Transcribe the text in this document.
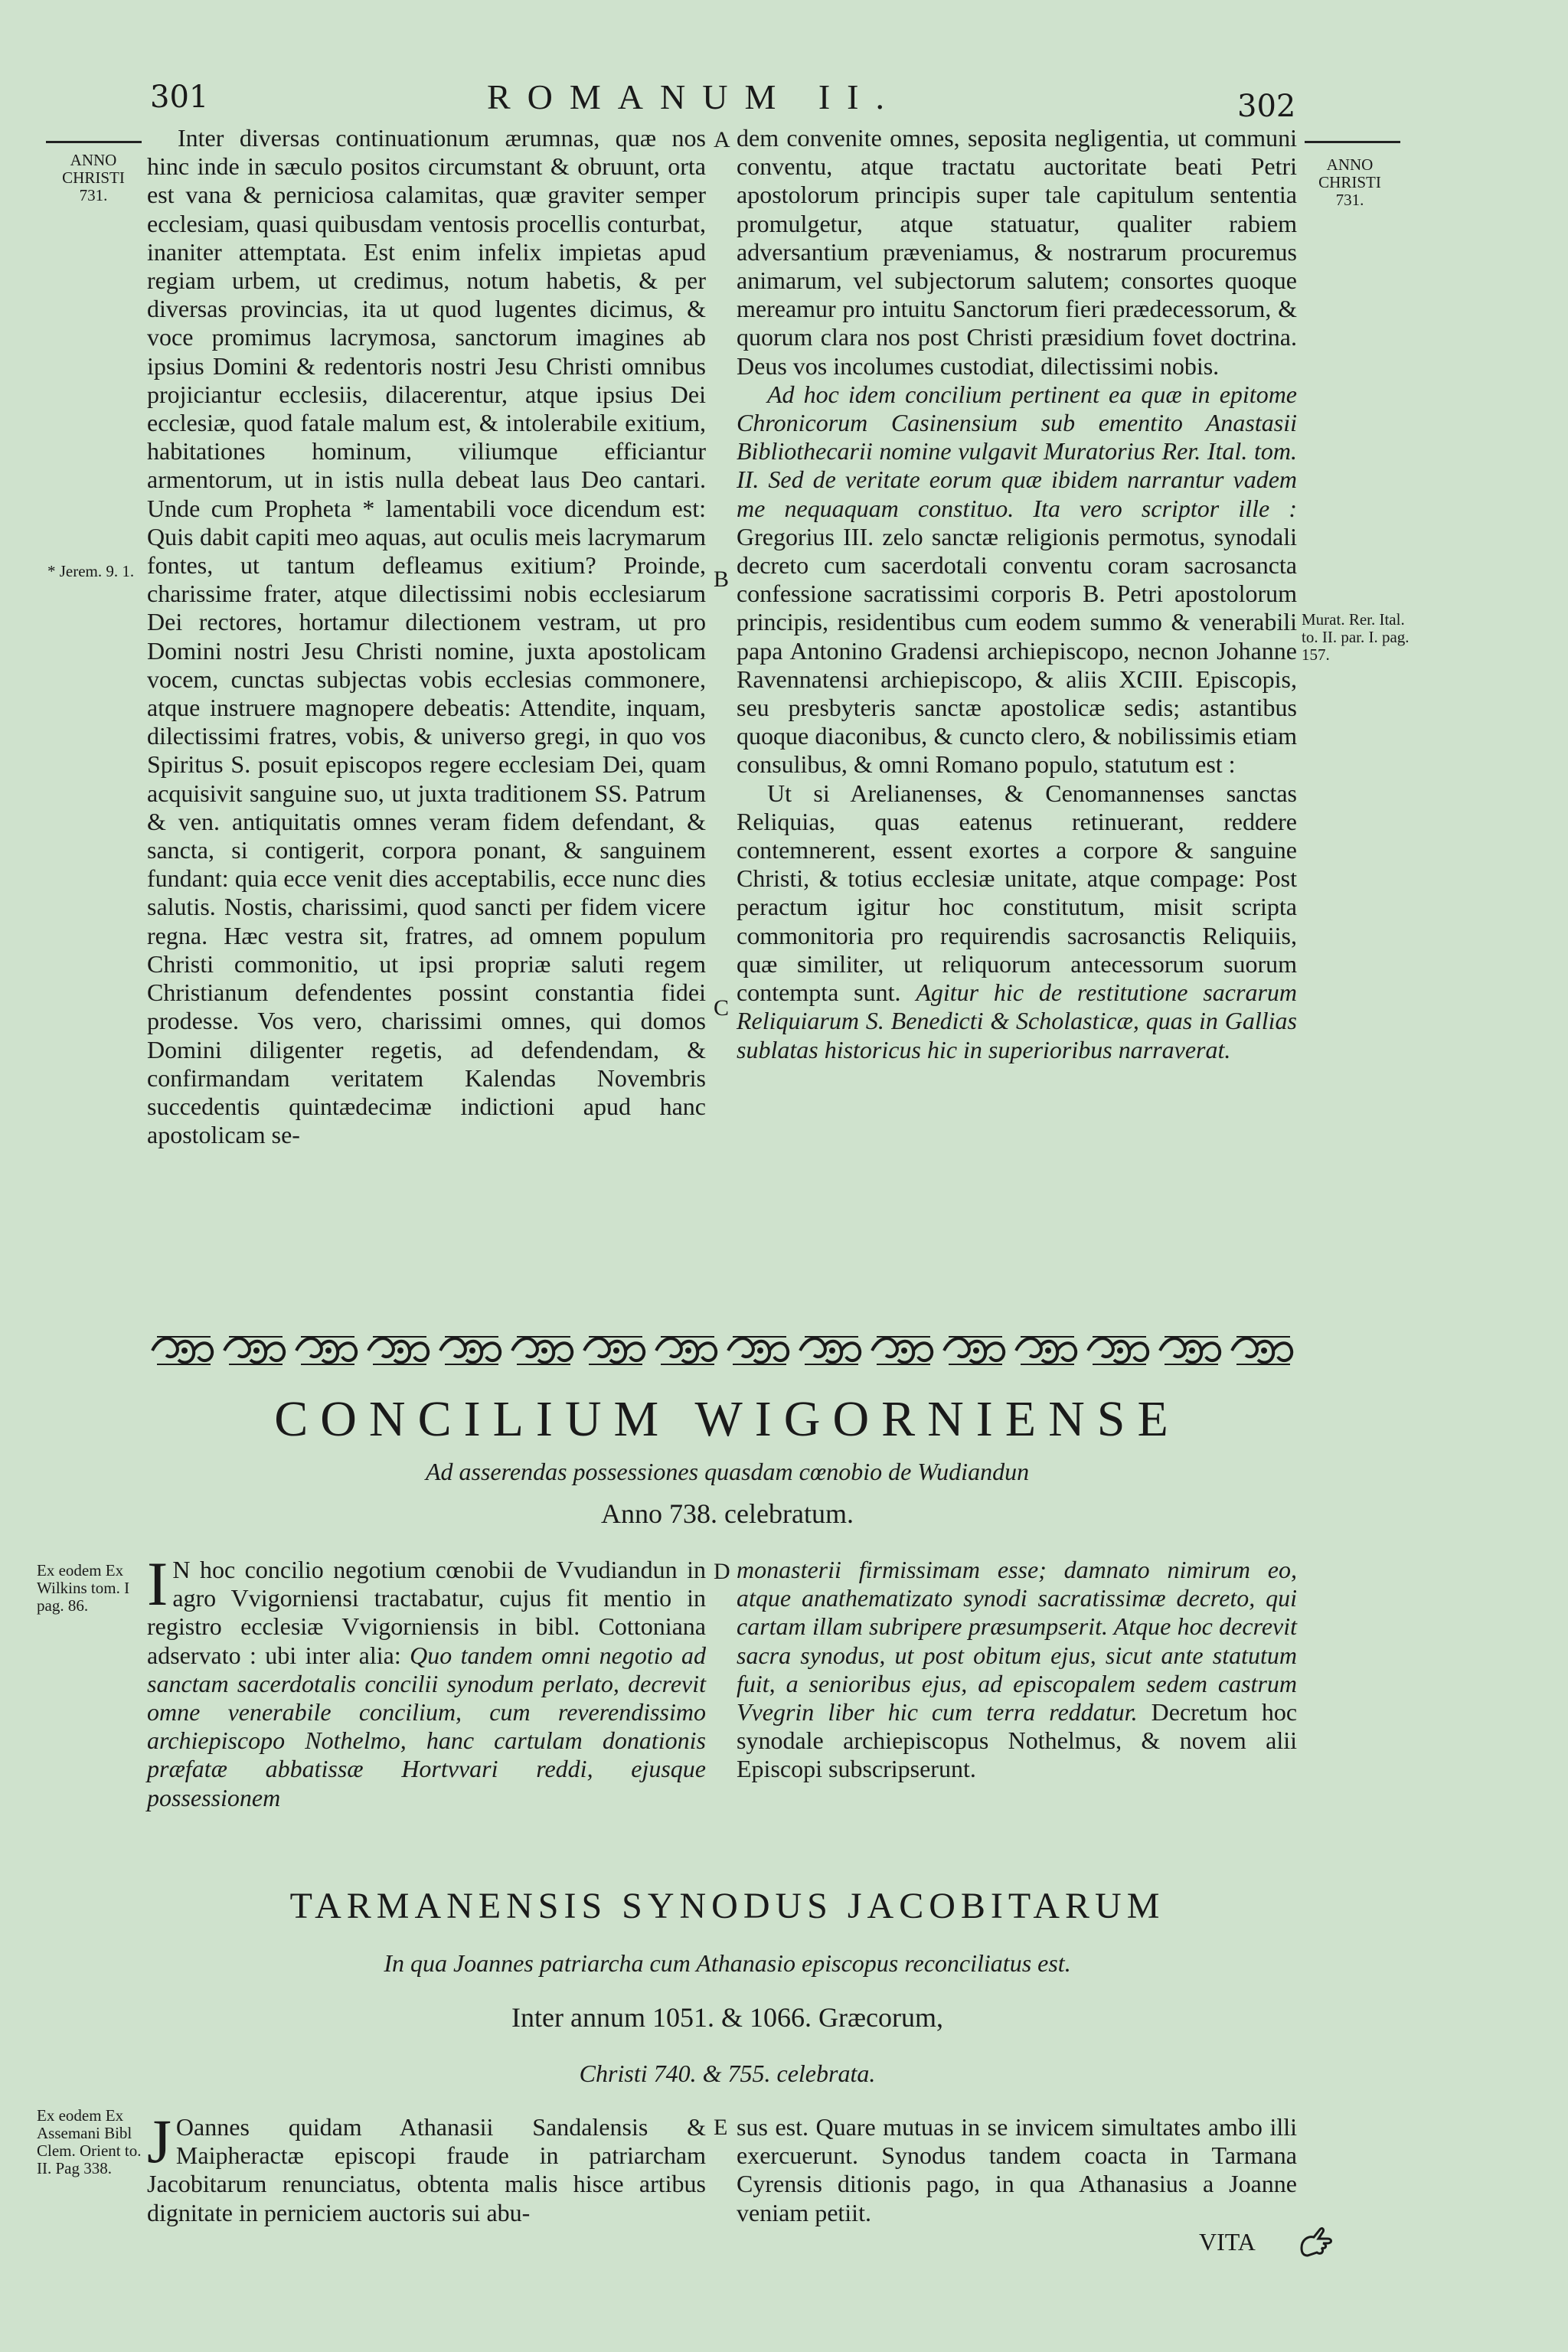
301	ROMANUM II.	302
ANNO CHRISTI 731.
ANNO CHRISTI 731.
* Jerem. 9. 1.
Murat. Rer. Ital. to. II. par. I. pag. 157.
Ex eodem Ex Wilkins tom. I pag. 86.
Ex eodem Ex Assemani Bibl Clem. Orient to. II. Pag 338.
A
B
C
D
E

Inter diversas continuationum ærumnas, quæ nos hinc inde in sæculo positos circumstant & obruunt, orta est vana & perniciosa calamitas, quæ graviter semper ecclesiam, quasi quibusdam ventosis procellis conturbat, inaniter attemptata. Est enim infelix impietas apud regiam urbem, ut credimus, notum habetis, & per diversas provincias, ita ut quod lugentes dicimus, & voce promimus lacrymosa, sanctorum imagines ab ipsius Domini & redentoris nostri Jesu Christi omnibus projiciantur ecclesiis, dilacerentur, atque ipsius Dei ecclesiæ, quod fatale malum est, & intolerabile exitium, habitationes hominum, viliumque efficiantur armentorum, ut in istis nulla debeat laus Deo cantari. Unde cum Propheta * lamentabili voce dicendum est: Quis dabit capiti meo aquas, aut oculis meis lacrymarum fontes, ut tantum defleamus exitium? Proinde, charissime frater, atque dilectissimi nobis ecclesiarum Dei rectores, hortamur dilectionem vestram, ut pro Domini nostri Jesu Christi nomine, juxta apostolicam vocem, cunctas subjectas vobis ecclesias commonere, atque instruere magnopere debeatis: Attendite, inquam, dilectissimi fratres, vobis, & universo gregi, in quo vos Spiritus S. posuit episcopos regere ecclesiam Dei, quam acquisivit sanguine suo, ut juxta traditionem SS. Patrum & ven. antiquitatis omnes veram fidem defendant, & sancta, si contigerit, corpora ponant, & sanguinem fundant: quia ecce venit dies acceptabilis, ecce nunc dies salutis. Nostis, charissimi, quod sancti per fidem vicere regna. Hæc vestra sit, fratres, ad omnem populum Christi commonitio, ut ipsi propriæ saluti regem Christianum defendentes possint constantia fidei prodesse. Vos vero, charissimi omnes, qui domos Domini diligenter regetis, ad defendendam, & confirmandam veritatem Kalendas Novembris succedentis quintædecimæ indictioni apud hanc apostolicam se-

dem convenite omnes, seposita negligentia, ut communi conventu, atque tractatu auctoritate beati Petri apostolorum principis super tale capitulum sententia promulgetur, atque statuatur, qualiter rabiem adversantium præveniamus, & nostrarum procuremus animarum, vel subjectorum salutem; consortes quoque mereamur pro intuitu Sanctorum fieri prædecessorum, & quorum clara nos post Christi præsidium fovet doctrina. Deus vos incolumes custodiat, dilectissimi nobis.

Ad hoc idem concilium pertinent ea quæ in epitome Chronicorum Casinensium sub ementito Anastasii Bibliothecarii nomine vulgavit Muratorius Rer. Ital. tom. II. Sed de veritate eorum quæ ibidem narrantur vadem me nequaquam constituo. Ita vero scriptor ille : Gregorius III. zelo sanctæ religionis permotus, synodali decreto cum sacerdotali conventu coram sacrosancta confessione sacratissimi corporis B. Petri apostolorum principis, residentibus cum eodem summo & venerabili papa Antonino Gradensi archiepiscopo, necnon Johanne Ravennatensi archiepiscopo, & aliis XCIII. Episcopis, seu presbyteris sanctæ apostolicæ sedis; astantibus quoque diaconibus, & cuncto clero, & nobilissimis etiam consulibus, & omni Romano populo, statutum est :

Ut si Arelianenses, & Cenomannenses sanctas Reliquias, quas eatenus retinuerant, reddere contemnerent, essent exortes a corpore & sanguine Christi, & totius ecclesiæ unitate, atque compage: Post peractum igitur hoc constitutum, misit scripta commonitoria pro requirendis sacrosanctis Reliquiis, quæ similiter, ut reliquorum antecessorum suorum contempta sunt. Agitur hic de restitutione sacrarum Reliquiarum S. Benedicti & Scholasticæ, quas in Gallias sublatas historicus hic in superioribus narraverat.

CONCILIUM WIGORNIENSE
Ad asserendas possessiones quasdam cœnobio de Wudiandun
Anno 738. celebratum.
I N hoc concilio negotium cœnobii de Vvudiandun in agro Vvigorniensi tractabatur, cujus fit mentio in registro ecclesiæ Vvigorniensis in bibl. Cottoniana adservato : ubi inter alia: Quo tandem omni negotio ad sanctam sacerdotalis concilii synodum perlato, decrevit omne venerabile concilium, cum reverendissimo archiepiscopo Nothelmo, hanc cartulam donationis præfatæ abbatissæ Hortvvari reddi, ejusque possessionem
monasterii firmissimam esse; damnato nimirum eo, atque anathematizato synodi sacratissimæ decreto, qui cartam illam subripere præsumpserit. Atque hoc decrevit sacra synodus, ut post obitum ejus, sicut ante statutum fuit, a senioribus ejus, ad episcopalem sedem castrum Vvegrin liber hic cum terra reddatur. Decretum hoc synodale archiepiscopus Nothelmus, & novem alii Episcopi subscripserunt.
TARMANENSIS SYNODUS JACOBITARUM
In qua Joannes patriarcha cum Athanasio episcopus reconciliatus est.
Inter annum 1051. & 1066. Græcorum,
Christi 740. & 755. celebrata.
J Oannes quidam Athanasii Sandalensis & Maipheractæ episcopi fraude in patriarcham Jacobitarum renunciatus, obtenta malis hisce artibus dignitate in perniciem auctoris sui abu-
sus est. Quare mutuas in se invicem simultates ambo illi exercuerunt. Synodus tandem coacta in Tarmana Cyrensis ditionis pago, in qua Athanasius a Joanne veniam petiit.
VITA
